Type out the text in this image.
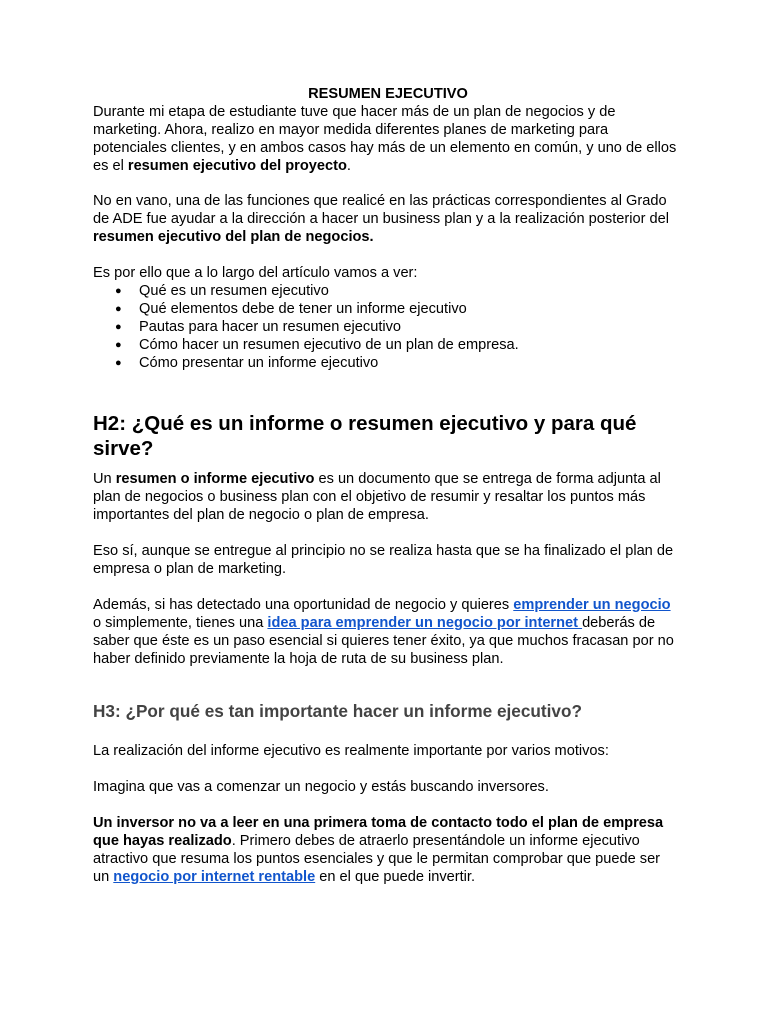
RESUMEN EJECUTIVO

Durante mi etapa de estudiante tuve que hacer más de un plan de negocios y de marketing. Ahora, realizo en mayor medida diferentes planes de marketing para potenciales clientes, y en ambos casos hay más de un elemento en común, y uno de ellos es el resumen ejecutivo del proyecto.

No en vano, una de las funciones que realicé en las prácticas correspondientes al Grado de ADE fue ayudar a la dirección a hacer un business plan y a la realización posterior del resumen ejecutivo del plan de negocios.

Es por ello que a lo largo del artículo vamos a ver:

● Qué es un resumen ejecutivo
● Qué elementos debe de tener un informe ejecutivo
● Pautas para hacer un resumen ejecutivo
● Cómo hacer un resumen ejecutivo de un plan de empresa.
● Cómo presentar un informe ejecutivo
H2: ¿Qué es un informe o resumen ejecutivo y para qué sirve?

Un resumen o informe ejecutivo es un documento que se entrega de forma adjunta al plan de negocios o business plan con el objetivo de resumir y resaltar los puntos más importantes del plan de negocio o plan de empresa.

Eso sí, aunque se entregue al principio no se realiza hasta que se ha finalizado el plan de empresa o plan de marketing.

Además, si has detectado una oportunidad de negocio y quieres emprender un negocio o simplemente, tienes una idea para emprender un negocio por internet deberás de saber que éste es un paso esencial si quieres tener éxito, ya que muchos fracasan por no haber definido previamente la hoja de ruta de su business plan.

H3: ¿Por qué es tan importante hacer un informe ejecutivo?

La realización del informe ejecutivo es realmente importante por varios motivos:

Imagina que vas a comenzar un negocio y estás buscando inversores.

Un inversor no va a leer en una primera toma de contacto todo el plan de empresa que hayas realizado. Primero debes de atraerlo presentándole un informe ejecutivo atractivo que resuma los puntos esenciales y que le permitan comprobar que puede ser un negocio por internet rentable en el que puede invertir.
